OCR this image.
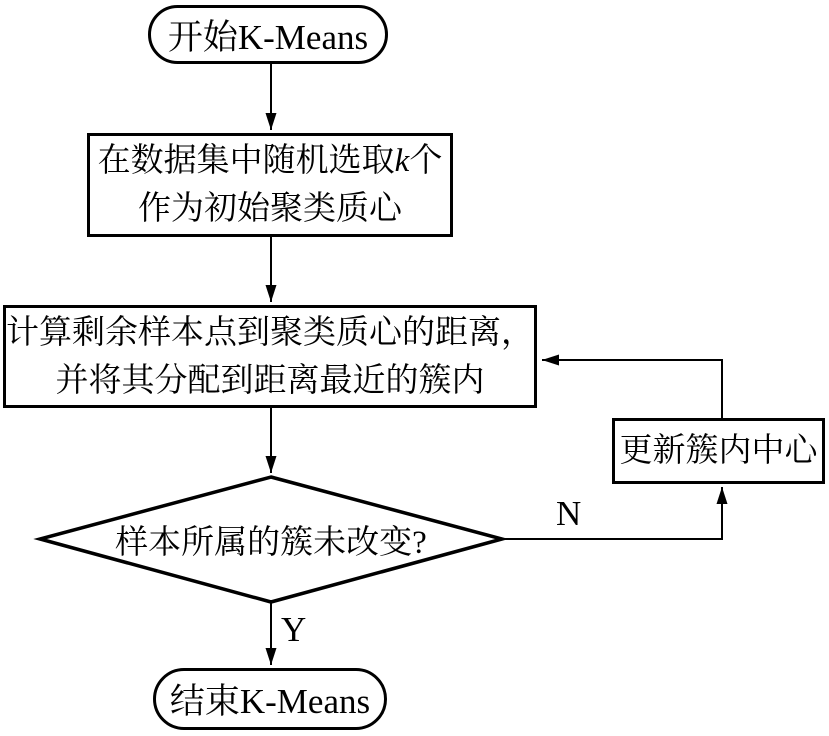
开始K-Means
在数据集中随机选取k个
作为初始聚类质心
计算剩余样本点到聚类质心的距离，
并将其分配到距离最近的簇内
样本所属的簇未改变?
更新簇内中心
结束K-Means
N
Y
